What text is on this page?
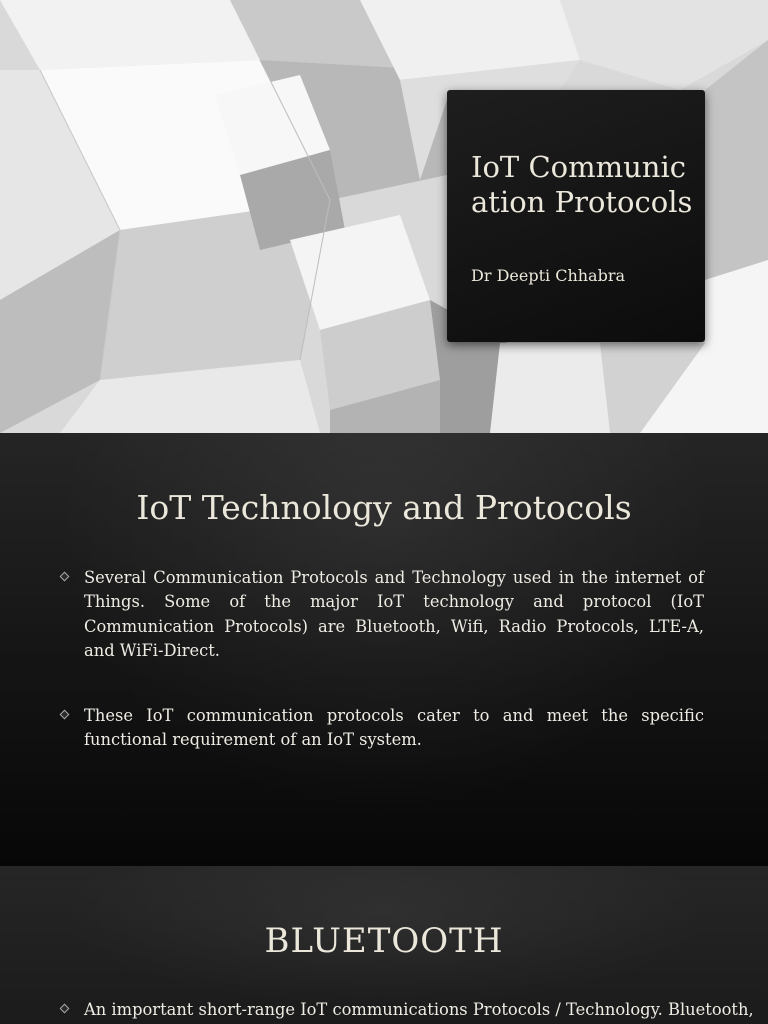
IoT Communication Protocols
Dr Deepti Chhabra
IoT Technology and Protocols
Several Communication Protocols and Technology used in the internet of Things. Some of the major IoT technology and protocol (IoT Communication Protocols) are Bluetooth, Wifi, Radio Protocols, LTE-A, and WiFi-Direct.
These IoT communication protocols cater to and meet the specific functional requirement of an IoT system.
BLUETOOTH
An important short-range IoT communications Protocols / Technology. Bluetooth,
